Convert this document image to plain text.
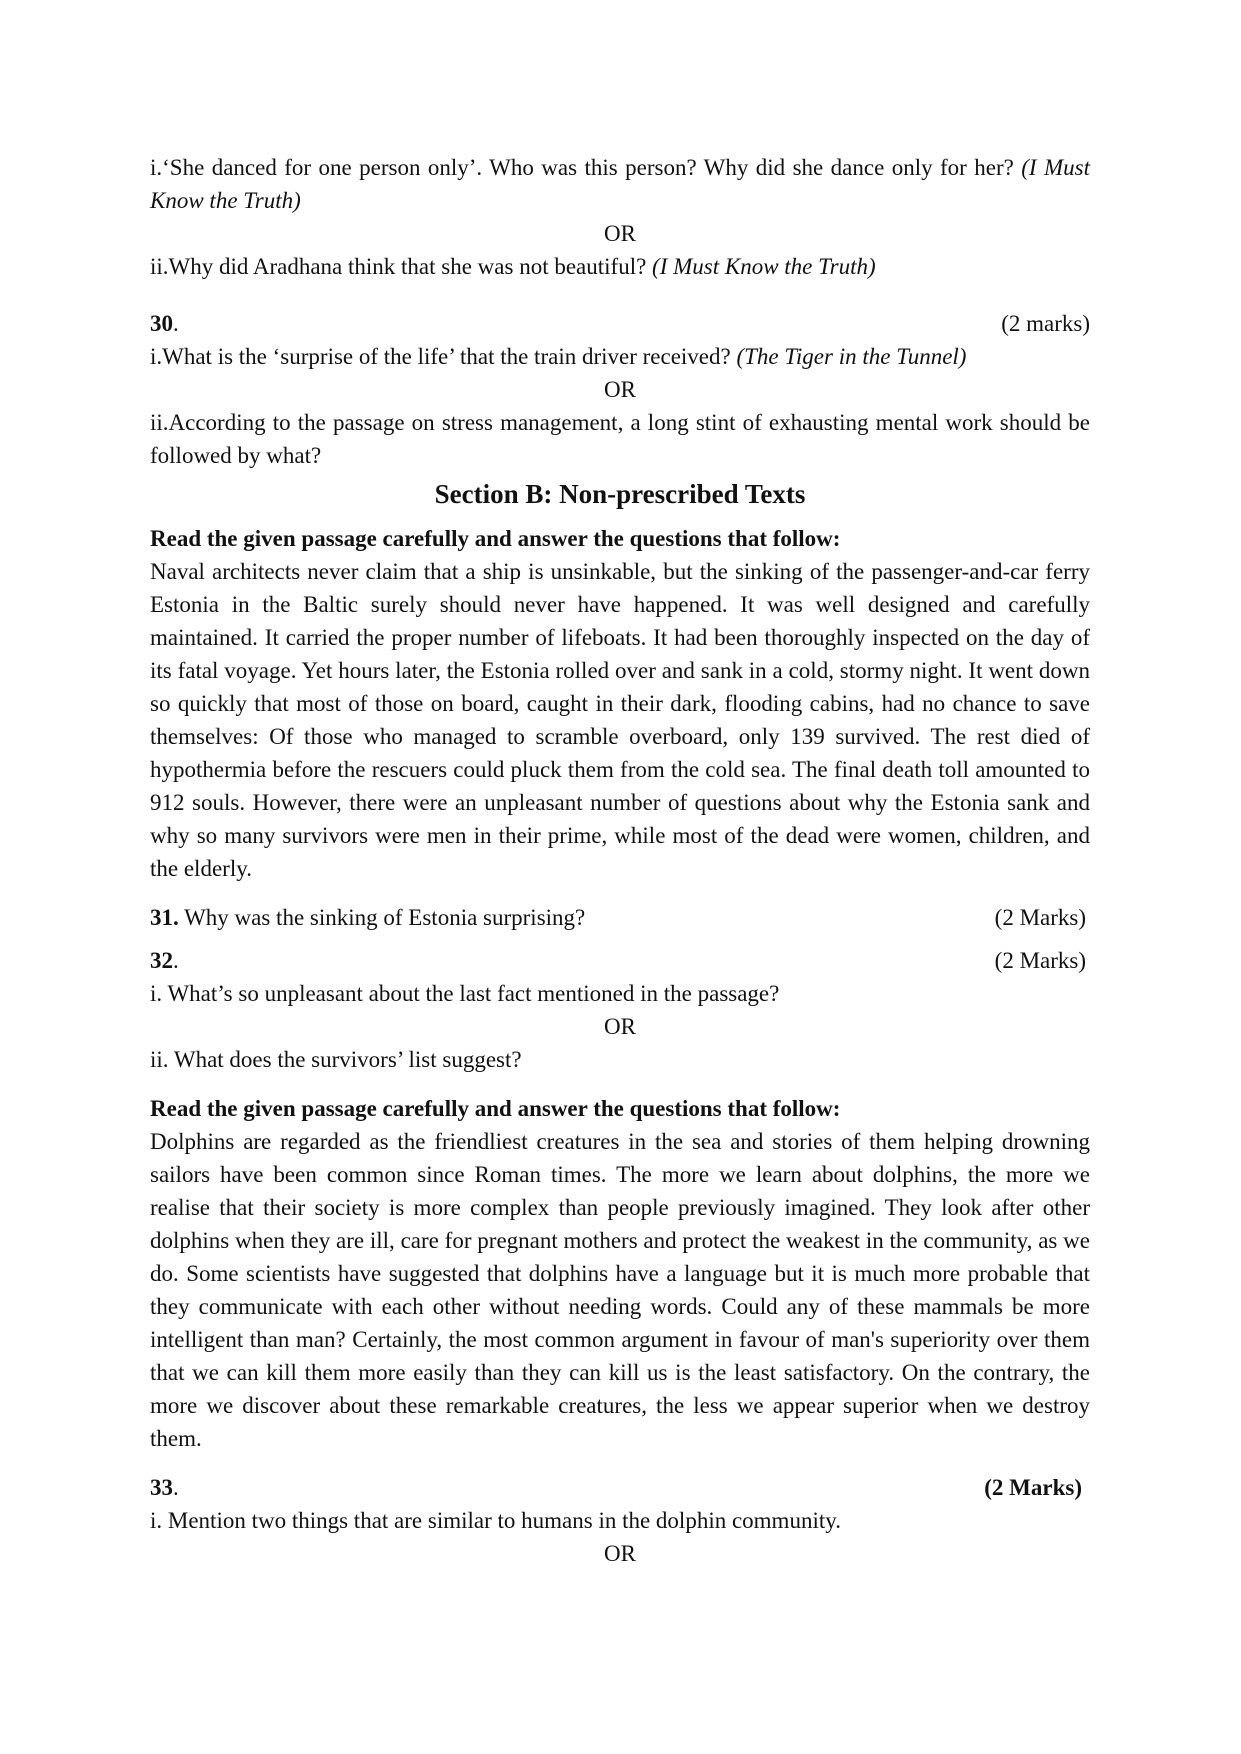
i.‘She danced for one person only’. Who was this person? Why did she dance only for her? (I Must Know the Truth)

OR

ii.Why did Aradhana think that she was not beautiful? (I Must Know the Truth)

30.	(2 marks)

i.What is the ‘surprise of the life’ that the train driver received? (The Tiger in the Tunnel)

OR

ii.According to the passage on stress management, a long stint of exhausting mental work should be followed by what?

Section B: Non-prescribed Texts

Read the given passage carefully and answer the questions that follow:

Naval architects never claim that a ship is unsinkable, but the sinking of the passenger-and-car ferry Estonia in the Baltic surely should never have happened. It was well designed and carefully maintained. It carried the proper number of lifeboats. It had been thoroughly inspected on the day of its fatal voyage. Yet hours later, the Estonia rolled over and sank in a cold, stormy night. It went down so quickly that most of those on board, caught in their dark, flooding cabins, had no chance to save themselves: Of those who managed to scramble overboard, only 139 survived. The rest died of hypothermia before the rescuers could pluck them from the cold sea. The final death toll amounted to 912 souls. However, there were an unpleasant number of questions about why the Estonia sank and why so many survivors were men in their prime, while most of the dead were women, children, and the elderly.

31. Why was the sinking of Estonia surprising?	(2 Marks)
32.	(2 Marks)

i. What’s so unpleasant about the last fact mentioned in the passage?

OR

ii. What does the survivors’ list suggest?

Read the given passage carefully and answer the questions that follow:

Dolphins are regarded as the friendliest creatures in the sea and stories of them helping drowning sailors have been common since Roman times. The more we learn about dolphins, the more we realise that their society is more complex than people previously imagined. They look after other dolphins when they are ill, care for pregnant mothers and protect the weakest in the community, as we do. Some scientists have suggested that dolphins have a language but it is much more probable that they communicate with each other without needing words. Could any of these mammals be more intelligent than man? Certainly, the most common argument in favour of man's superiority over them that we can kill them more easily than they can kill us is the least satisfactory. On the contrary, the more we discover about these remarkable creatures, the less we appear superior when we destroy them.

33.	(2 Marks)

i. Mention two things that are similar to humans in the dolphin community.

OR
